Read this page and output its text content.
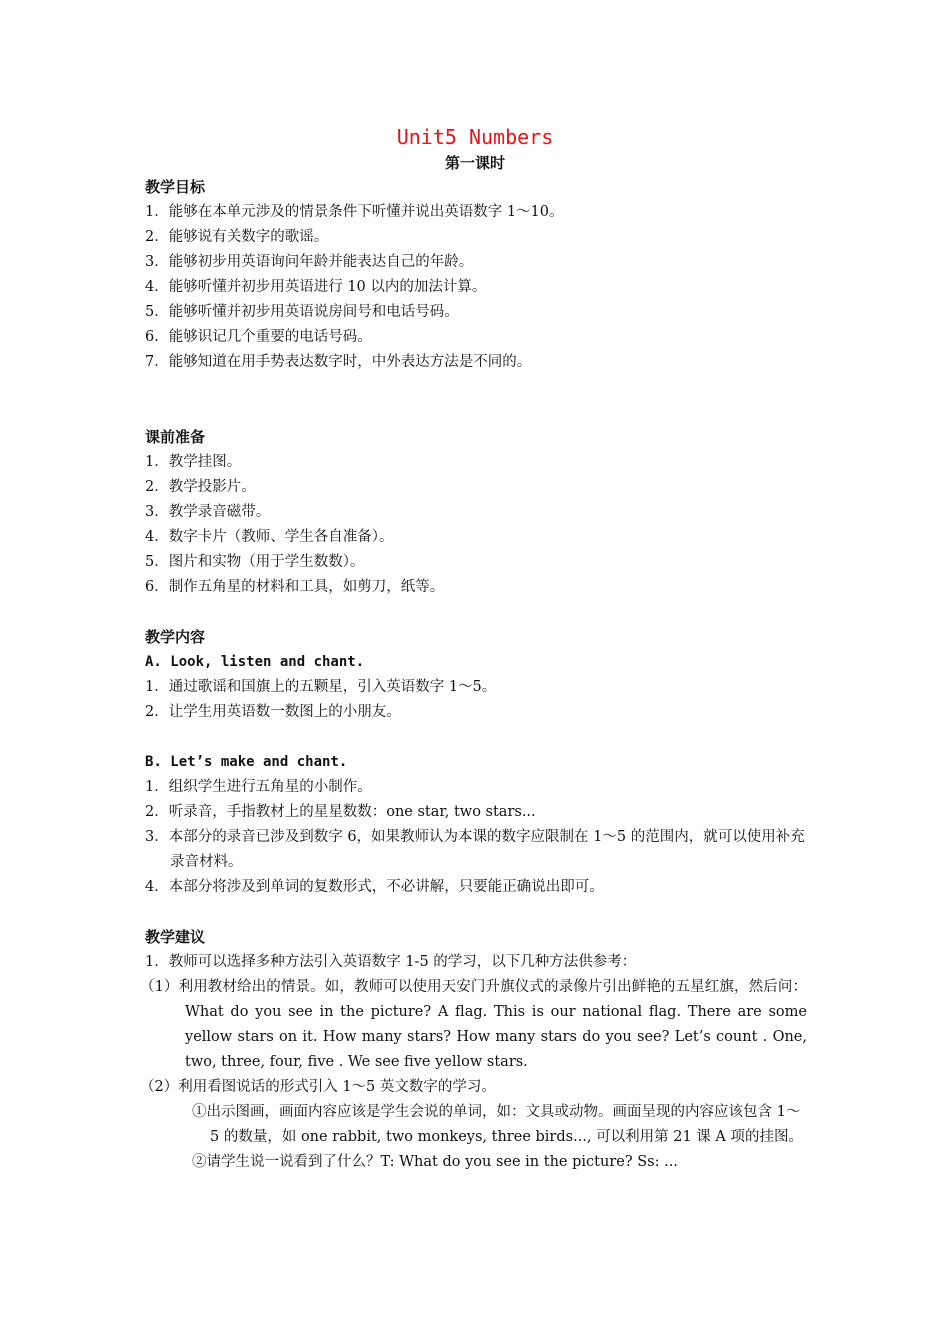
Unit5 Numbers
第一课时

教学目标

1．能够在本单元涉及的情景条件下听懂并说出英语数字 1～10。

2．能够说有关数字的歌谣。

3．能够初步用英语询问年龄并能表达自己的年龄。

4．能够听懂并初步用英语进行 10 以内的加法计算。

5．能够听懂并初步用英语说房间号和电话号码。

6．能够识记几个重要的电话号码。

7．能够知道在用手势表达数字时，中外表达方法是不同的。

课前准备

1．教学挂图。

2．教学投影片。

3．教学录音磁带。

4．数字卡片（教师、学生各自准备）。

5．图片和实物（用于学生数数）。

6．制作五角星的材料和工具，如剪刀，纸等。

教学内容

A. Look, listen and chant.

1．通过歌谣和国旗上的五颗星，引入英语数字 1～5。

2．让学生用英语数一数图上的小朋友。

B. Let’s make and chant.

1．组织学生进行五角星的小制作。

2．听录音，手指教材上的星星数数：one star, two stars...

3．本部分的录音已涉及到数字 6，如果教师认为本课的数字应限制在 1～5 的范围内，就可以使用补充录音材料。

4．本部分将涉及到单词的复数形式，不必讲解，只要能正确说出即可。

教学建议

1．教师可以选择多种方法引入英语数字 1-5 的学习，以下几种方法供参考：

（1）利用教材给出的情景。如，教师可以使用天安门升旗仪式的录像片引出鲜艳的五星红旗，然后问：What do you see in the picture? A flag. This is our national flag. There are some yellow stars on it. How many stars? How many stars do you see? Let’s count . One, two, three, four, five . We see five yellow stars.

（2）利用看图说话的形式引入 1～5 英文数字的学习。

①出示图画，画面内容应该是学生会说的单词，如：文具或动物。画面呈现的内容应该包含 1～5 的数量，如 one rabbit, two monkeys, three birds..., 可以利用第 21 课 A 项的挂图。

②请学生说一说看到了什么？T: What do you see in the picture? Ss: ...
